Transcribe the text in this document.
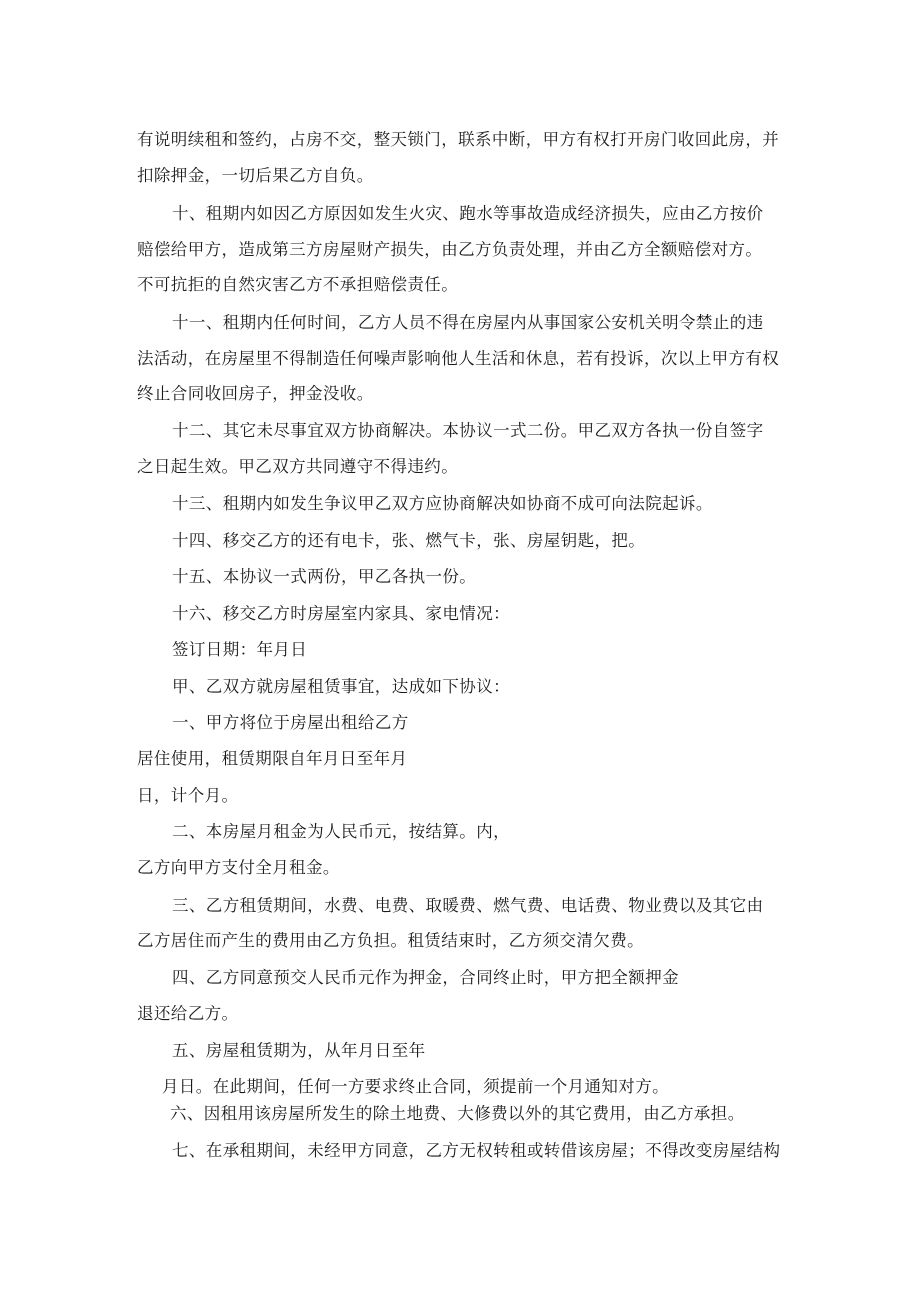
有说明续租和签约，占房不交，整天锁门，联系中断，甲方有权打开房门收回此房，并
扣除押金，一切后果乙方自负。
十、租期内如因乙方原因如发生火灾、跑水等事故造成经济损失，应由乙方按价
赔偿给甲方，造成第三方房屋财产损失，由乙方负责处理，并由乙方全额赔偿对方。
不可抗拒的自然灾害乙方不承担赔偿责任。
十一、租期内任何时间，乙方人员不得在房屋内从事国家公安机关明令禁止的违
法活动，在房屋里不得制造任何噪声影响他人生活和休息，若有投诉，次以上甲方有权
终止合同收回房子，押金没收。
十二、其它未尽事宜双方协商解决。本协议一式二份。甲乙双方各执一份自签字
之日起生效。甲乙双方共同遵守不得违约。
十三、租期内如发生争议甲乙双方应协商解决如协商不成可向法院起诉。
十四、移交乙方的还有电卡，张、燃气卡，张、房屋钥匙，把。
十五、本协议一式两份，甲乙各执一份。
十六、移交乙方时房屋室内家具、家电情况：
签订日期：年月日
甲、乙双方就房屋租赁事宜，达成如下协议：
一、甲方将位于房屋出租给乙方
居住使用，租赁期限自年月日至年月
日，计个月。
二、本房屋月租金为人民币元，按结算。内，
乙方向甲方支付全月租金。
三、乙方租赁期间，水费、电费、取暖费、燃气费、电话费、物业费以及其它由
乙方居住而产生的费用由乙方负担。租赁结束时，乙方须交清欠费。
四、乙方同意预交人民币元作为押金，合同终止时，甲方把全额押金
退还给乙方。
五、房屋租赁期为，从年月日至年
月日。在此期间，任何一方要求终止合同，须提前一个月通知对方。
六、因租用该房屋所发生的除土地费、大修费以外的其它费用，由乙方承担。
七、在承租期间，未经甲方同意，乙方无权转租或转借该房屋；不得改变房屋结构
